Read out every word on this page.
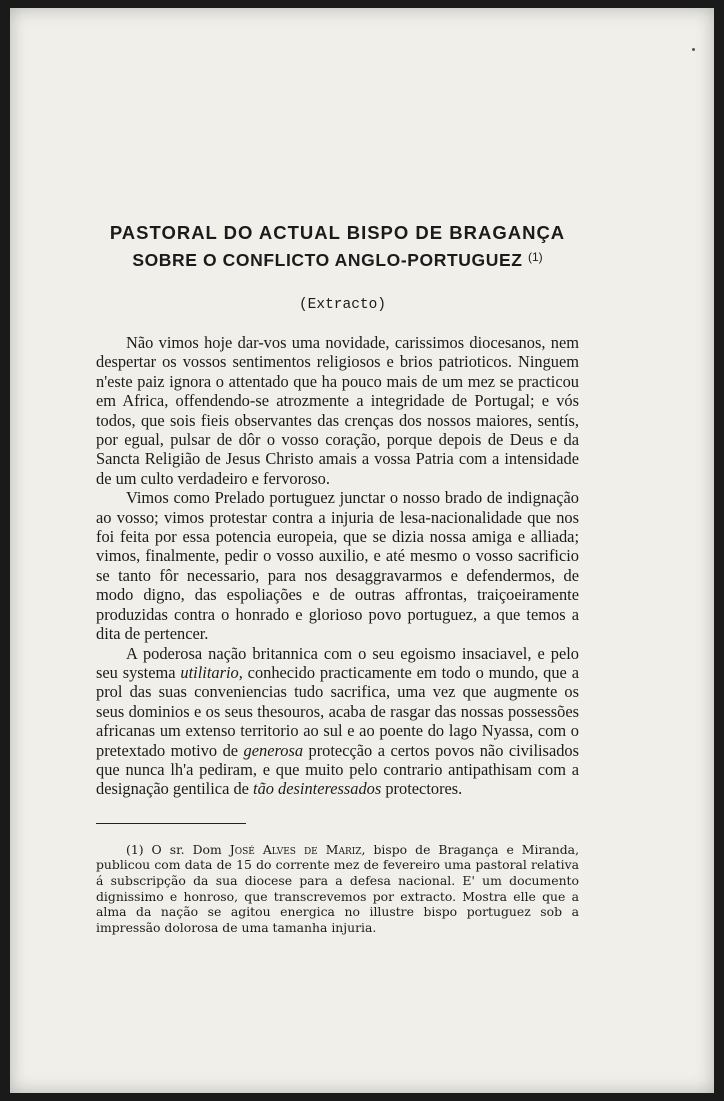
PASTORAL DO ACTUAL BISPO DE BRAGANÇA
SOBRE O CONFLICTO ANGLO-PORTUGUEZ $^{(1)}$

(Extracto)

Não vimos hoje dar-vos uma novidade, carissimos diocesanos, nem despertar os vossos sentimentos religiosos e brios patrioticos. Ninguem n'este paiz ignora o attentado que ha pouco mais de um mez se practicou em Africa, offendendo-se atrozmente a integridade de Portugal; e vós todos, que sois fieis observantes das crenças dos nossos maiores, sentís, por egual, pulsar de dôr o vosso coração, porque depois de Deus e da Sancta Religião de Jesus Christo amais a vossa Patria com a intensidade de um culto verdadeiro e fervoroso.

Vimos como Prelado portuguez junctar o nosso brado de indignação ao vosso; vimos protestar contra a injuria de lesa-nacionalidade que nos foi feita por essa potencia europeia, que se dizia nossa amiga e alliada; vimos, finalmente, pedir o vosso auxilio, e até mesmo o vosso sacrificio se tanto fôr necessario, para nos desaggravarmos e defendermos, de modo digno, das espoliações e de outras affrontas, traiçoeiramente produzidas contra o honrado e glorioso povo portuguez, a que temos a dita de pertencer.

A poderosa nação britannica com o seu egoismo insaciavel, e pelo seu systema utilitario, conhecido practicamente em todo o mundo, que a prol das suas conveniencias tudo sacrifica, uma vez que augmente os seus dominios e os seus thesouros, acaba de rasgar das nossas possessões africanas um extenso territorio ao sul e ao poente do lago Nyassa, com o pretextado motivo de generosa protecção a certos povos não civilisados que nunca lh'a pediram, e que muito pelo contrario antipathisam com a designação gentilica de tão desinteressados protectores.

(1) O sr. Dom José Alves de Mariz, bispo de Bragança e Miranda, publicou com data de 15 do corrente mez de fevereiro uma pastoral relativa á subscripção da sua diocese para a defesa nacional. E' um documento dignissimo e honroso, que transcrevemos por extracto. Mostra elle que a alma da nação se agitou energica no illustre bispo portuguez sob a impressão dolorosa de uma tamanha injuria.
